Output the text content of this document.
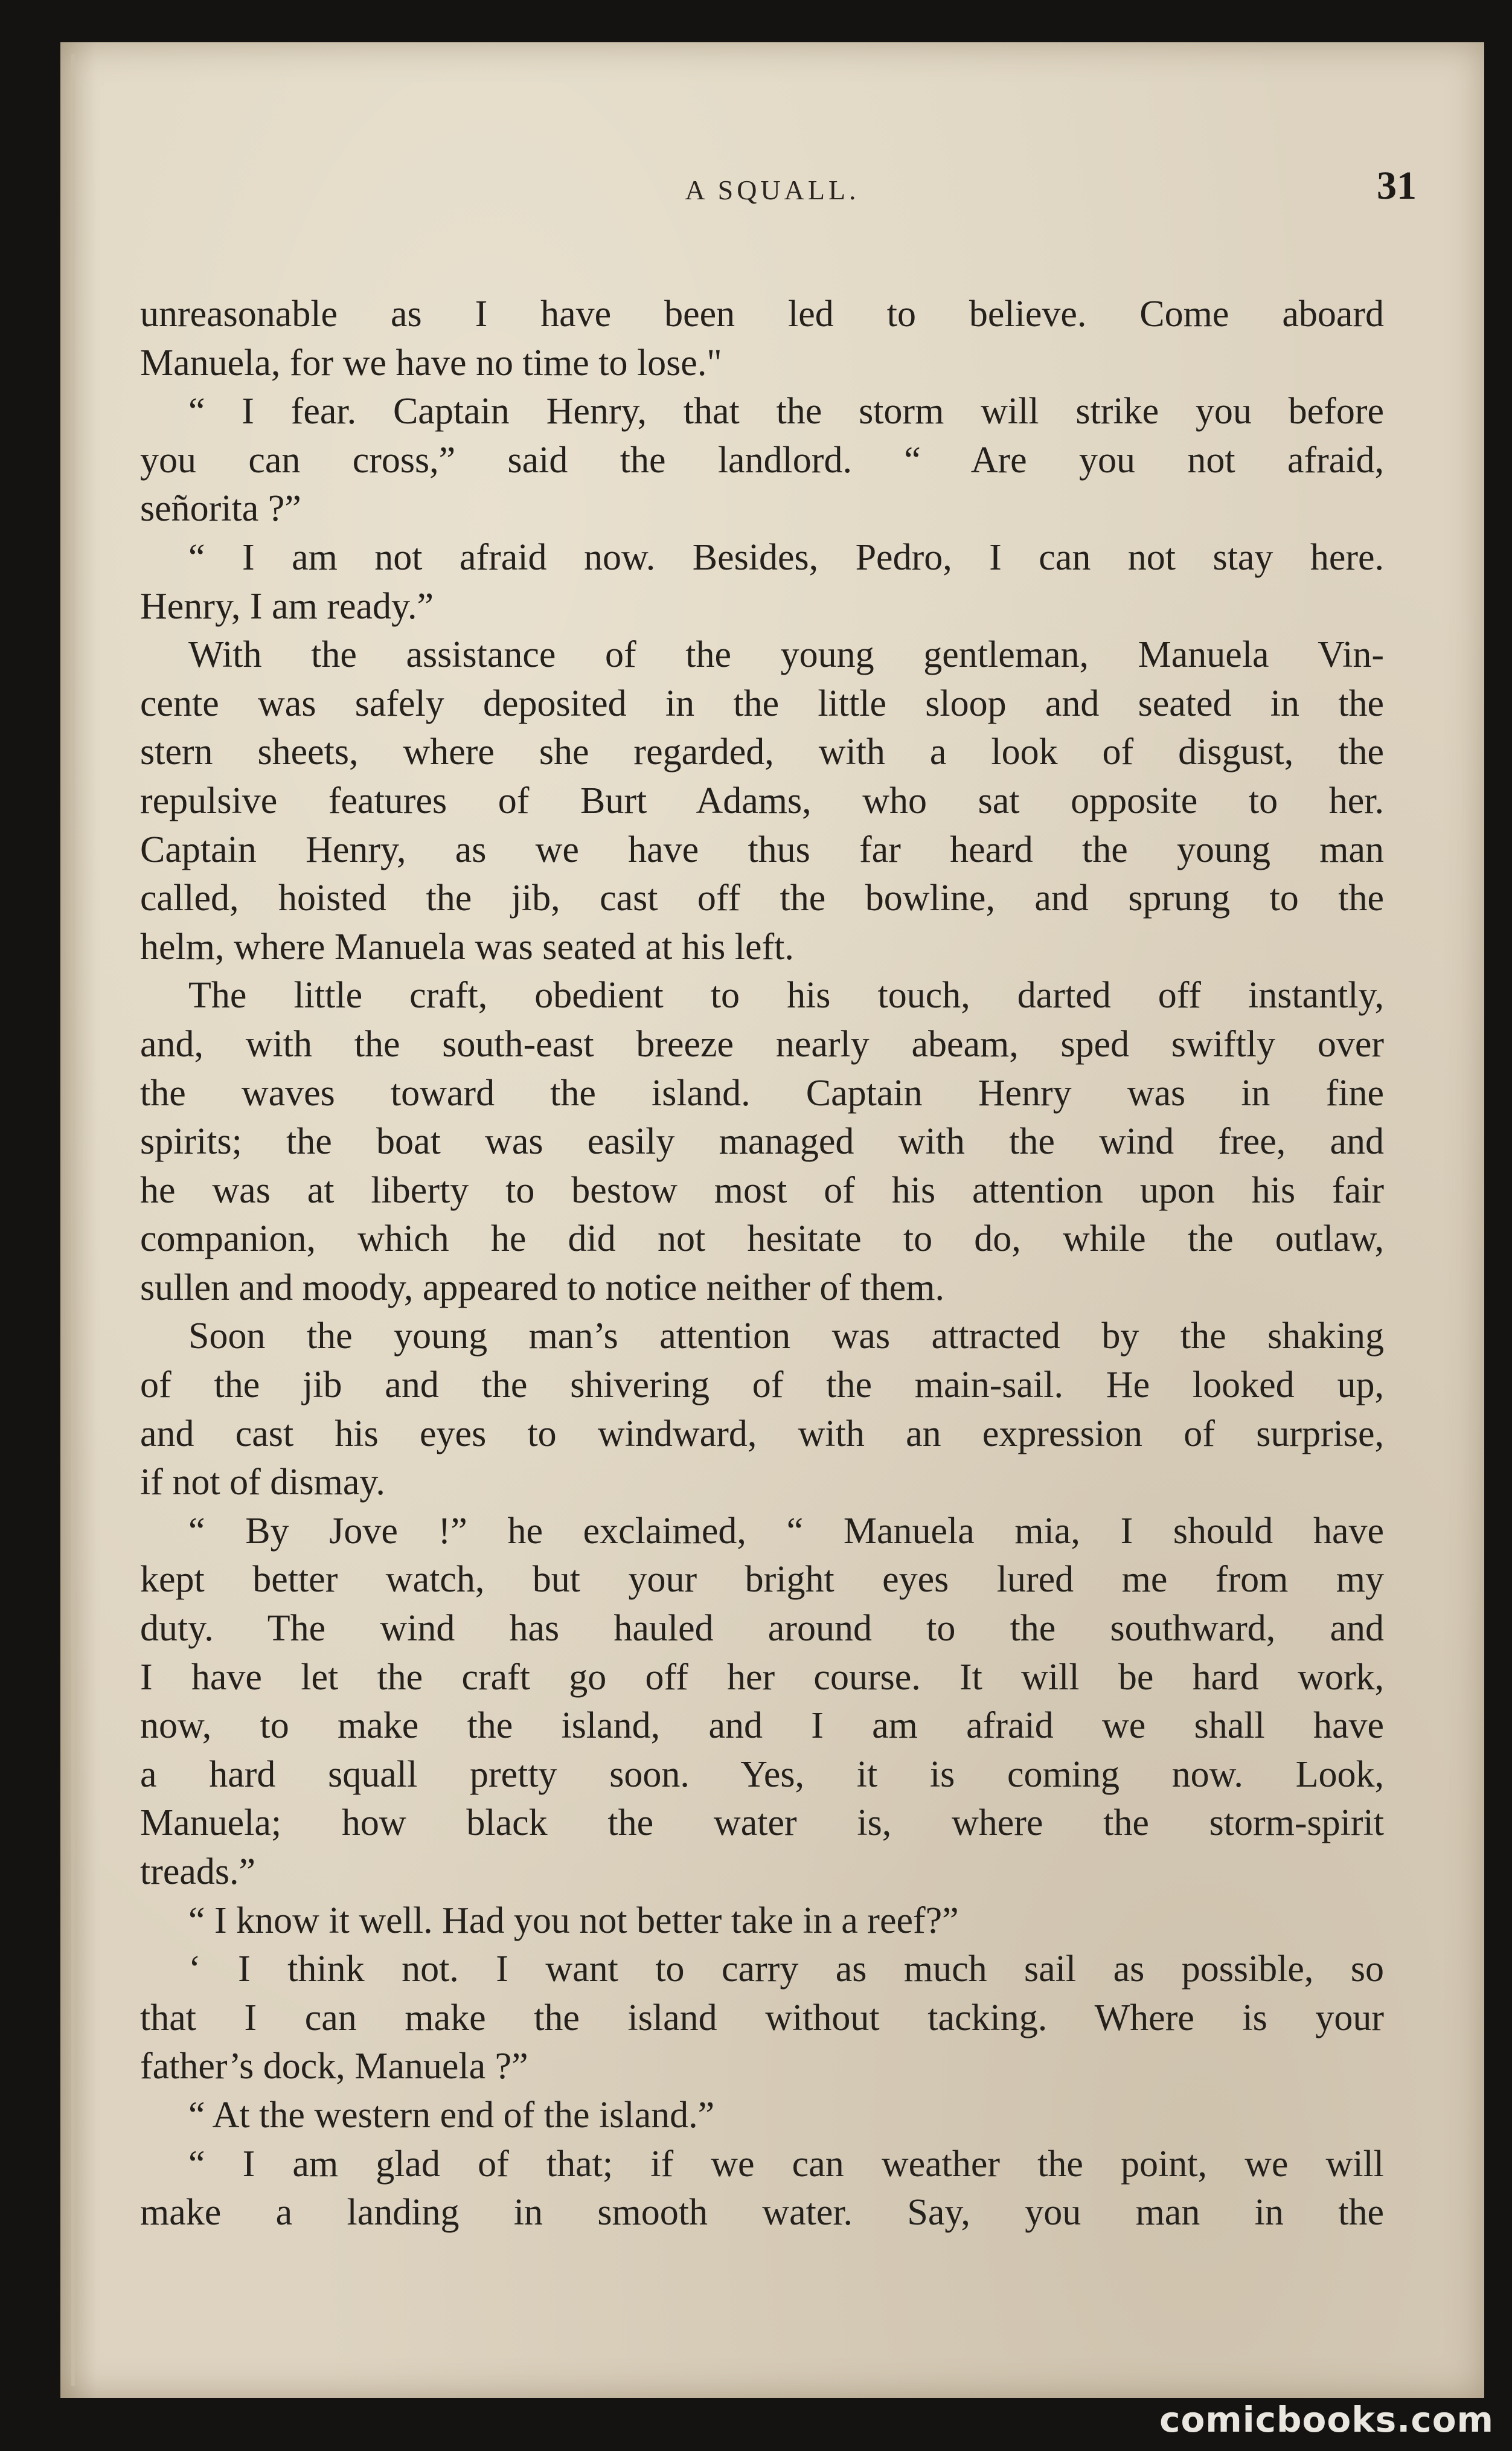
A SQUALL.	31
unreasonable as I have been led to believe. Come aboard
Manuela, for we have no time to lose."
“ I fear. Captain Henry, that the storm will strike you before
you can cross,” said the landlord. “ Are you not afraid,
señorita ?”
“ I am not afraid now. Besides, Pedro, I can not stay here.
Henry, I am ready.”
With the assistance of the young gentleman, Manuela Vin-
cente was safely deposited in the little sloop and seated in the
stern sheets, where she regarded, with a look of disgust, the
repulsive features of Burt Adams, who sat opposite to her.
Captain Henry, as we have thus far heard the young man
called, hoisted the jib, cast off the bowline, and sprung to the
helm, where Manuela was seated at his left.
The little craft, obedient to his touch, darted off instantly,
and, with the south-east breeze nearly abeam, sped swiftly over
the waves toward the island. Captain Henry was in fine
spirits; the boat was easily managed with the wind free, and
he was at liberty to bestow most of his attention upon his fair
companion, which he did not hesitate to do, while the outlaw,
sullen and moody, appeared to notice neither of them.
Soon the young man’s attention was attracted by the shaking
of the jib and the shivering of the main-sail. He looked up,
and cast his eyes to windward, with an expression of surprise,
if not of dismay.
“ By Jove !” he exclaimed, “ Manuela mia, I should have
kept better watch, but your bright eyes lured me from my
duty. The wind has hauled around to the southward, and
I have let the craft go off her course. It will be hard work,
now, to make the island, and I am afraid we shall have
a hard squall pretty soon. Yes, it is coming now. Look,
Manuela; how black the water is, where the storm-spirit
treads.”
“ I know it well. Had you not better take in a reef?”
‘ I think not. I want to carry as much sail as possible, so
that I can make the island without tacking. Where is your
father’s dock, Manuela ?”
“ At the western end of the island.”
“ I am glad of that; if we can weather the point, we will
make a landing in smooth water. Say, you man in the
comicbooks.com
